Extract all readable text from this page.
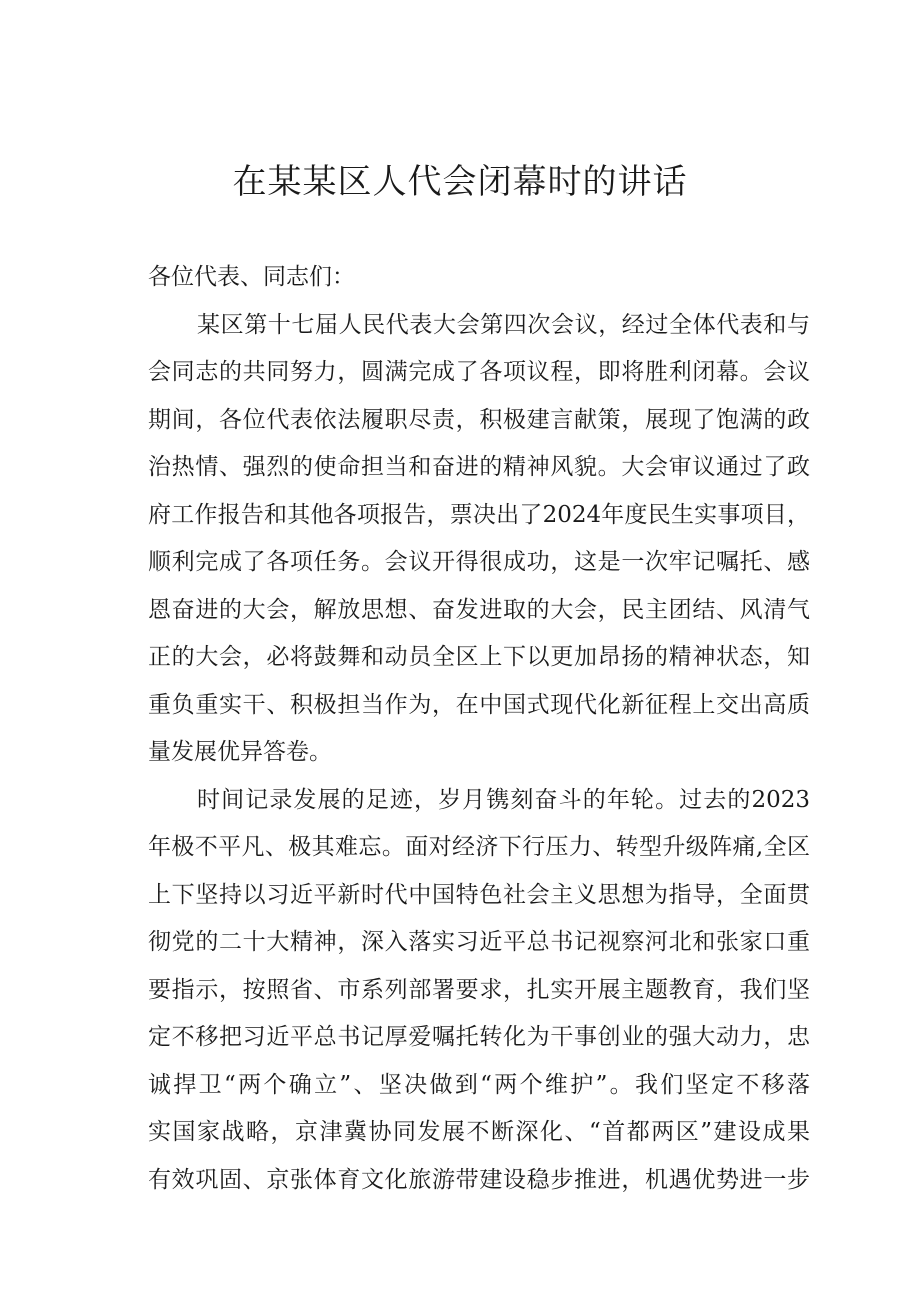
在某某区人代会闭幕时的讲话
各位代表、同志们：
某区第十七届人民代表大会第四次会议，经过全体代表和与
会同志的共同努力，圆满完成了各项议程，即将胜利闭幕。会议
期间，各位代表依法履职尽责，积极建言献策，展现了饱满的政
治热情、强烈的使命担当和奋进的精神风貌。大会审议通过了政
府工作报告和其他各项报告，票决出了2024年度民生实事项目，
顺利完成了各项任务。会议开得很成功，这是一次牢记嘱托、感
恩奋进的大会，解放思想、奋发进取的大会，民主团结、风清气
正的大会，必将鼓舞和动员全区上下以更加昂扬的精神状态，知
重负重实干、积极担当作为，在中国式现代化新征程上交出高质
量发展优异答卷。
时间记录发展的足迹，岁月镌刻奋斗的年轮。过去的2023
年极不平凡、极其难忘。面对经济下行压力、转型升级阵痛,全区
上下坚持以习近平新时代中国特色社会主义思想为指导，全面贯
彻党的二十大精神，深入落实习近平总书记视察河北和张家口重
要指示，按照省、市系列部署要求，扎实开展主题教育，我们坚
定不移把习近平总书记厚爱嘱托转化为干事创业的强大动力，忠
诚捍卫“两个确立”、坚决做到“两个维护”。我们坚定不移落
实国家战略，京津冀协同发展不断深化、“首都两区”建设成果
有效巩固、京张体育文化旅游带建设稳步推进，机遇优势进一步
